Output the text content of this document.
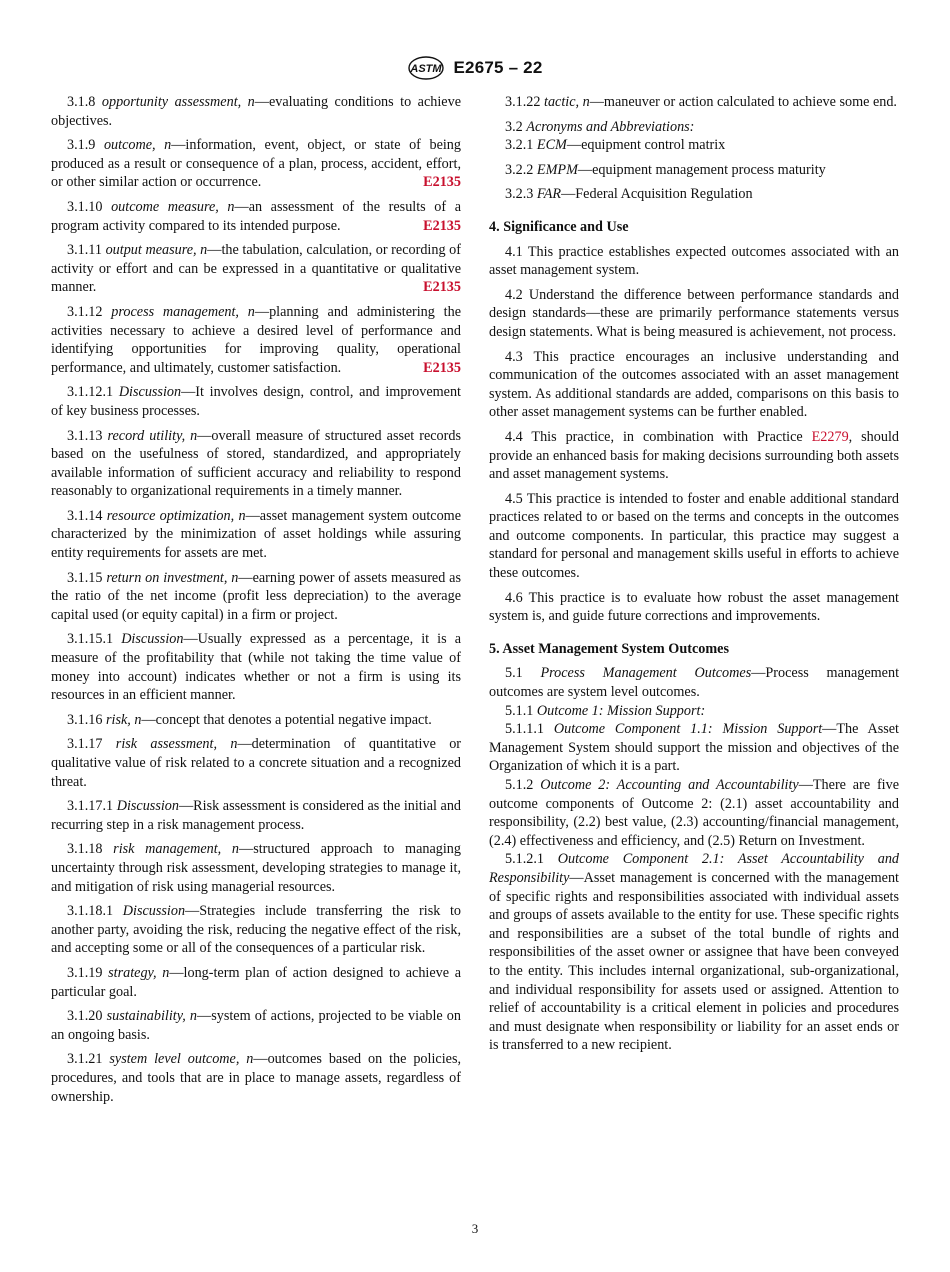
ASTM E2675 – 22

3.1.8 opportunity assessment, n—evaluating conditions to achieve objectives.

3.1.9 outcome, n—information, event, object, or state of being produced as a result or consequence of a plan, process, accident, effort, or other similar action or occurrence.	E2135

3.1.10 outcome measure, n—an assessment of the results of a program activity compared to its intended purpose.	E2135

3.1.11 output measure, n—the tabulation, calculation, or recording of activity or effort and can be expressed in a quantitative or qualitative manner.	E2135

3.1.12 process management, n—planning and administering the activities necessary to achieve a desired level of performance and identifying opportunities for improving quality, operational performance, and ultimately, customer satisfaction.	E2135

3.1.12.1 Discussion—It involves design, control, and improvement of key business processes.

3.1.13 record utility, n—overall measure of structured asset records based on the usefulness of stored, standardized, and appropriately available information of sufficient accuracy and reliability to respond reasonably to organizational requirements in a timely manner.

3.1.14 resource optimization, n—asset management system outcome characterized by the minimization of asset holdings while assuring entity requirements for assets are met.

3.1.15 return on investment, n—earning power of assets measured as the ratio of the net income (profit less depreciation) to the average capital used (or equity capital) in a firm or project.

3.1.15.1 Discussion—Usually expressed as a percentage, it is a measure of the profitability that (while not taking the time value of money into account) indicates whether or not a firm is using its resources in an efficient manner.

3.1.16 risk, n—concept that denotes a potential negative impact.

3.1.17 risk assessment, n—determination of quantitative or qualitative value of risk related to a concrete situation and a recognized threat.

3.1.17.1 Discussion—Risk assessment is considered as the initial and recurring step in a risk management process.

3.1.18 risk management, n—structured approach to managing uncertainty through risk assessment, developing strategies to manage it, and mitigation of risk using managerial resources.

3.1.18.1 Discussion—Strategies include transferring the risk to another party, avoiding the risk, reducing the negative effect of the risk, and accepting some or all of the consequences of a particular risk.

3.1.19 strategy, n—long-term plan of action designed to achieve a particular goal.

3.1.20 sustainability, n—system of actions, projected to be viable on an ongoing basis.

3.1.21 system level outcome, n—outcomes based on the policies, procedures, and tools that are in place to manage assets, regardless of ownership.

3.1.22 tactic, n—maneuver or action calculated to achieve some end.

3.2 Acronyms and Abbreviations:

3.2.1 ECM—equipment control matrix

3.2.2 EMPM—equipment management process maturity

3.2.3 FAR—Federal Acquisition Regulation

4. Significance and Use

4.1 This practice establishes expected outcomes associated with an asset management system.

4.2 Understand the difference between performance standards and design standards—these are primarily performance statements versus design statements. What is being measured is achievement, not process.

4.3 This practice encourages an inclusive understanding and communication of the outcomes associated with an asset management system. As additional standards are added, comparisons on this basis to other asset management systems can be further enabled.

4.4 This practice, in combination with Practice E2279, should provide an enhanced basis for making decisions surrounding both assets and asset management systems.

4.5 This practice is intended to foster and enable additional standard practices related to or based on the terms and concepts in the outcomes and outcome components. In particular, this practice may suggest a standard for personal and management skills useful in efforts to achieve these outcomes.

4.6 This practice is to evaluate how robust the asset management system is, and guide future corrections and improvements.

5. Asset Management System Outcomes

5.1 Process Management Outcomes—Process management outcomes are system level outcomes.

5.1.1 Outcome 1: Mission Support:

5.1.1.1 Outcome Component 1.1: Mission Support—The Asset Management System should support the mission and objectives of the Organization of which it is a part.

5.1.2 Outcome 2: Accounting and Accountability—There are five outcome components of Outcome 2: (2.1) asset accountability and responsibility, (2.2) best value, (2.3) accounting/financial management, (2.4) effectiveness and efficiency, and (2.5) Return on Investment.

5.1.2.1 Outcome Component 2.1: Asset Accountability and Responsibility—Asset management is concerned with the management of specific rights and responsibilities associated with individual assets and groups of assets available to the entity for use. These specific rights and responsibilities are a subset of the total bundle of rights and responsibilities of the asset owner or assignee that have been conveyed to the entity. This includes internal organizational, sub-organizational, and individual responsibility for assets used or assigned. Attention to relief of accountability is a critical element in policies and procedures and must designate when responsibility or liability for an asset ends or is transferred to a new recipient.

3
